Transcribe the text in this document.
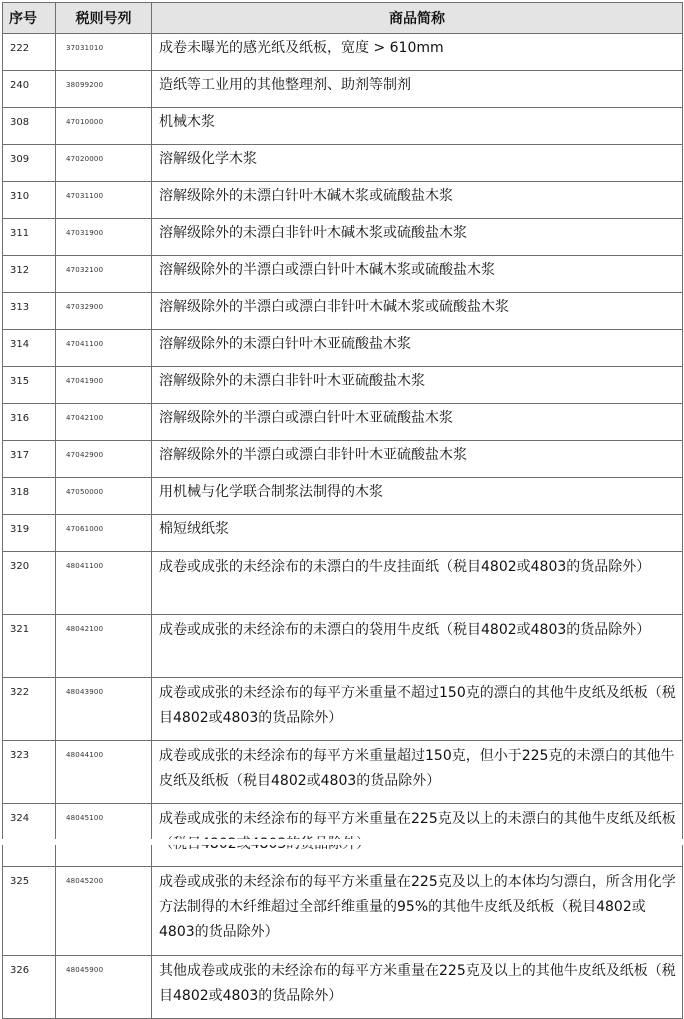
序号	税则号列	商品简称
222	37031010	成卷未曝光的感光纸及纸板，宽度 > 610mm
240	38099200	造纸等工业用的其他整理剂、助剂等制剂
308	47010000	机械木浆
309	47020000	溶解级化学木浆
310	47031100	溶解级除外的未漂白针叶木碱木浆或硫酸盐木浆
311	47031900	溶解级除外的未漂白非针叶木碱木浆或硫酸盐木浆
312	47032100	溶解级除外的半漂白或漂白针叶木碱木浆或硫酸盐木浆
313	47032900	溶解级除外的半漂白或漂白非针叶木碱木浆或硫酸盐木浆
314	47041100	溶解级除外的未漂白针叶木亚硫酸盐木浆
315	47041900	溶解级除外的未漂白非针叶木亚硫酸盐木浆
316	47042100	溶解级除外的半漂白或漂白针叶木亚硫酸盐木浆
317	47042900	溶解级除外的半漂白或漂白非针叶木亚硫酸盐木浆
318	47050000	用机械与化学联合制浆法制得的木浆
319	47061000	棉短绒纸浆
320	48041100	成卷或成张的未经涂布的未漂白的牛皮挂面纸（税目4802或4803的货品除外）
321	48042100	成卷或成张的未经涂布的未漂白的袋用牛皮纸（税目4802或4803的货品除外）
322	48043900	成卷或成张的未经涂布的每平方米重量不超过150克的漂白的其他牛皮纸及纸板（税目4802或4803的货品除外）
323	48044100	成卷或成张的未经涂布的每平方米重量超过150克，但小于225克的未漂白的其他牛皮纸及纸板（税目4802或4803的货品除外）
324	48045100	成卷或成张的未经涂布的每平方米重量在225克及以上的未漂白的其他牛皮纸及纸板
325	48045200	成卷或成张的未经涂布的每平方米重量在225克及以上的本体均匀漂白，所含用化学方法制得的木纤维超过全部纤维重量的95%的其他牛皮纸及纸板（税目4802或4803的货品除外）
326	48045900	其他成卷或成张的未经涂布的每平方米重量在225克及以上的其他牛皮纸及纸板（税目4802或4803的货品除外）
